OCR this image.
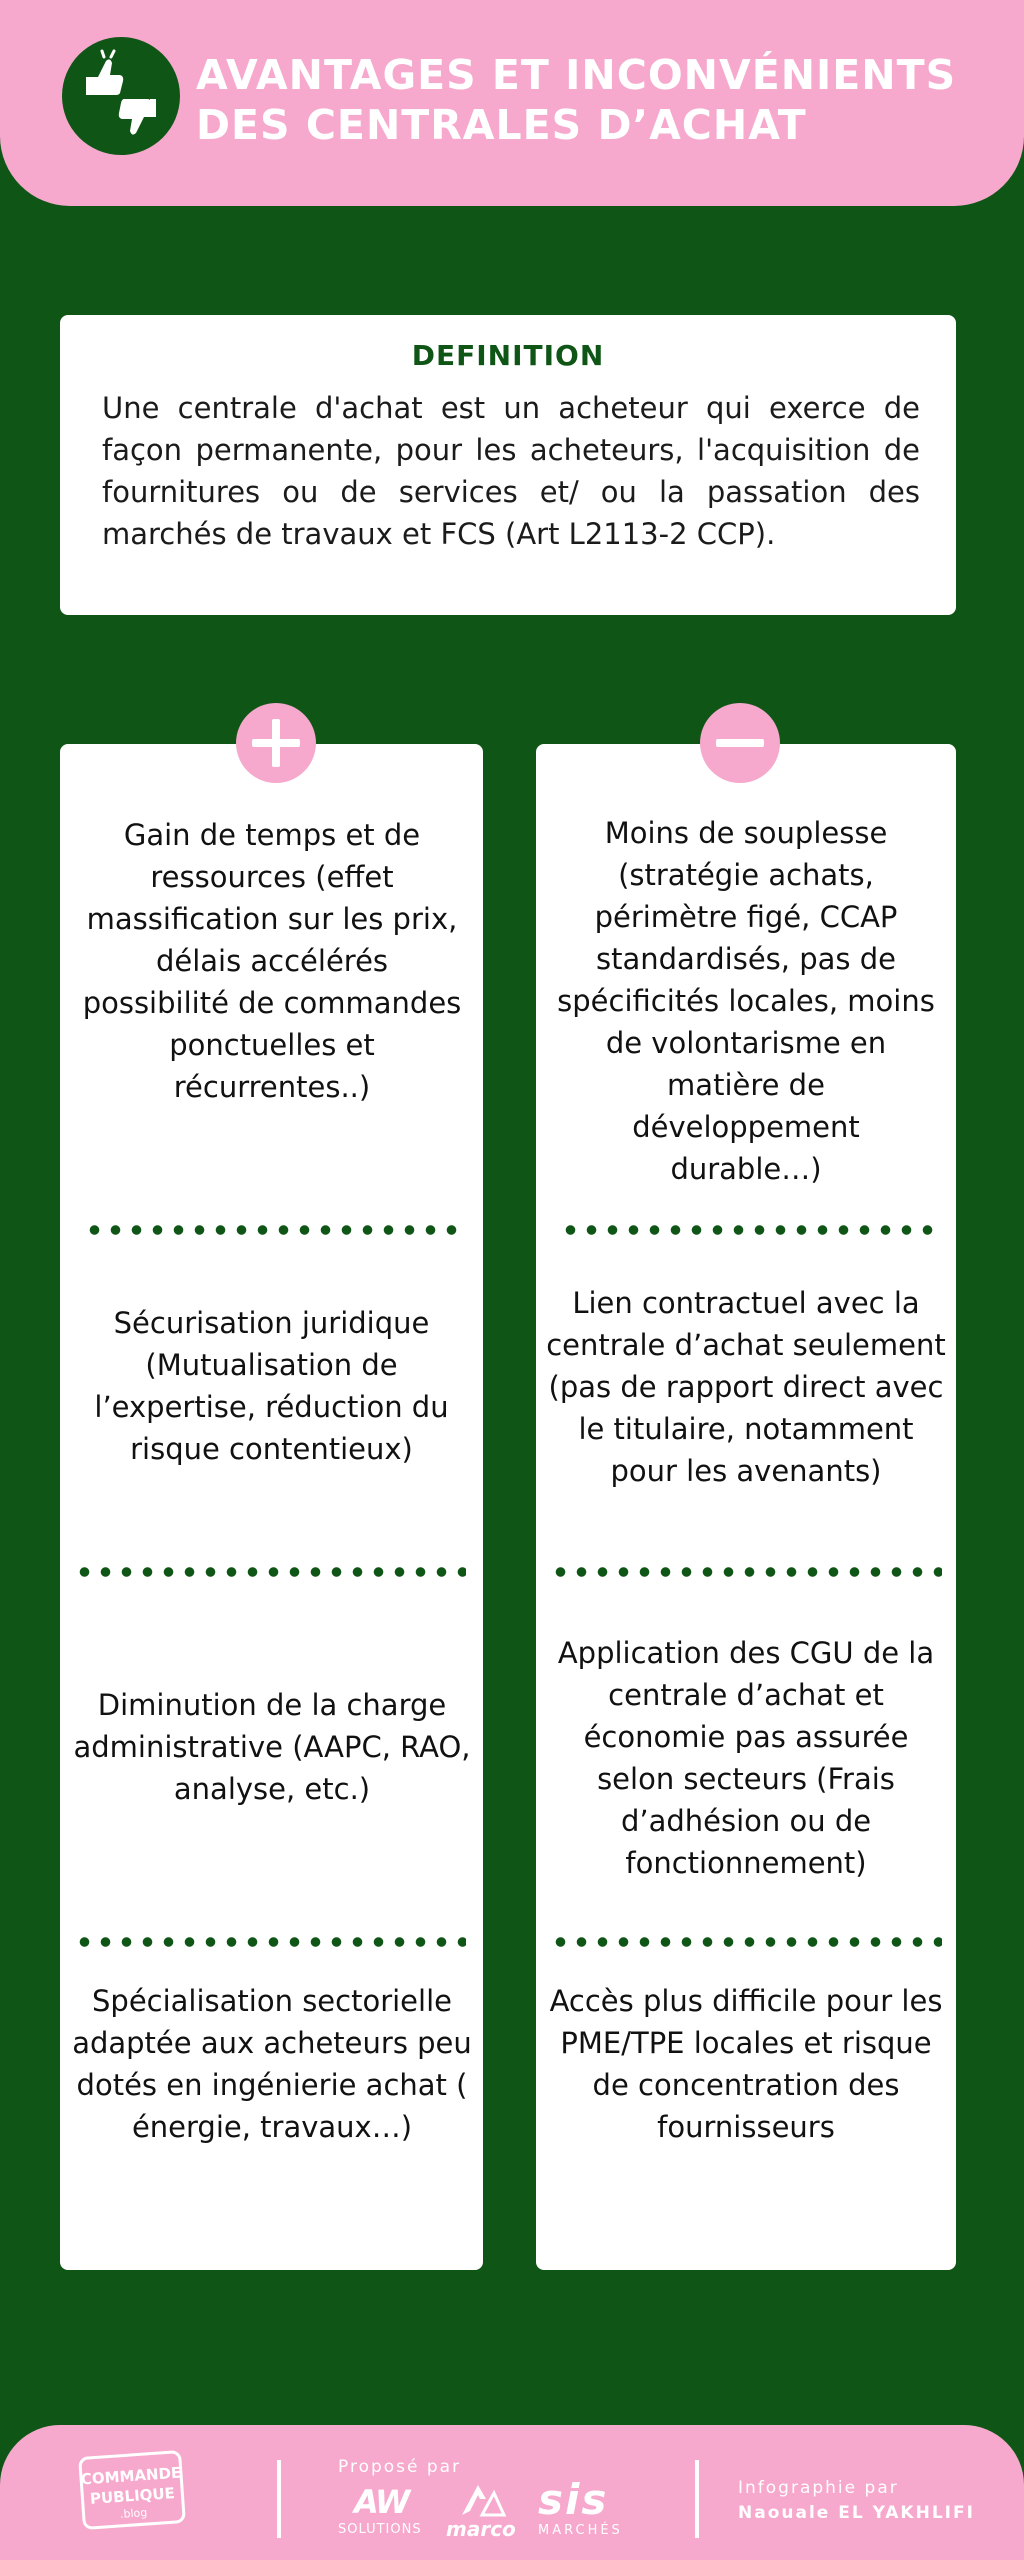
AVANTAGES ET INCONVÉNIENTS
DES CENTRALES D’ACHAT
DEFINITION
Une centrale d'achat est un acheteur qui exerce de façon permanente, pour les acheteurs, l'acquisition de fournitures ou de services et/ ou la passation des marchés de travaux et FCS (Art L2113-2 CCP).
Gain de temps et de ressources (effet massification sur les prix, délais accélérés possibilité de commandes ponctuelles et récurrentes..)
Sécurisation juridique (Mutualisation de l’expertise, réduction du risque contentieux)
Diminution de la charge administrative (AAPC, RAO, analyse, etc.)
Spécialisation sectorielle adaptée aux acheteurs peu dotés en ingénierie achat ( énergie, travaux…)
Moins de souplesse (stratégie achats, périmètre figé, CCAP standardisés, pas de spécificités locales, moins de volontarisme en matière de développement durable…)
Lien contractuel avec la centrale d’achat seulement (pas de rapport direct avec le titulaire, notamment pour les avenants)
Application des CGU de la centrale d’achat et économie pas assurée selon secteurs (Frais d’adhésion ou de fonctionnement)
Accès plus difficile pour les PME/TPE locales et risque de concentration des fournisseurs
COMMANDE
PUBLIQUE
.blog
Proposé par
AW
SOLUTIONS marco
sis
MARCHÉS
Infographie par
Naouale EL YAKHLIFI
